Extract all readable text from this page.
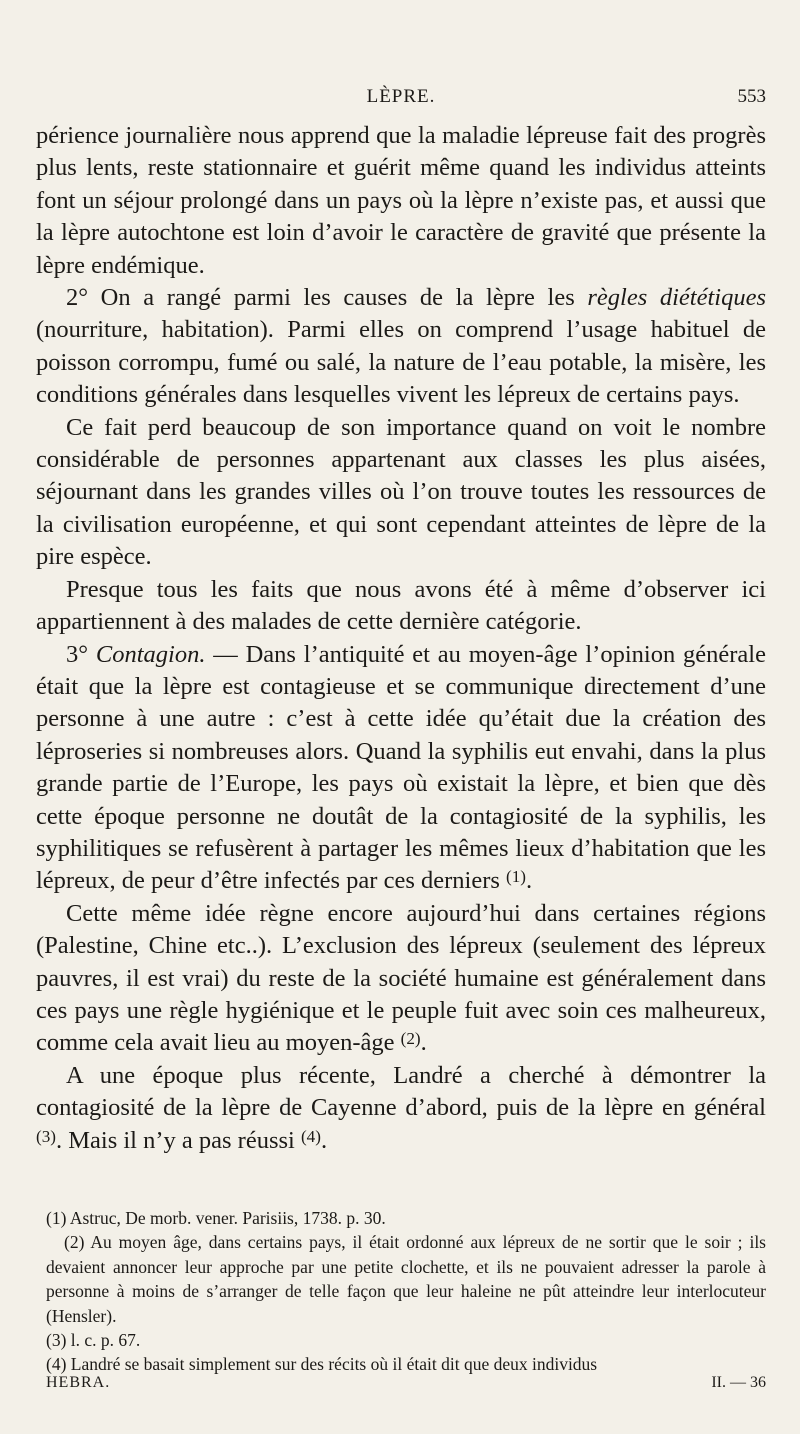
LÈPRE.	553

périence journalière nous apprend que la maladie lépreuse fait des progrès plus lents, reste stationnaire et guérit même quand les individus atteints font un séjour prolongé dans un pays où la lèpre n’existe pas, et aussi que la lèpre autochtone est loin d’avoir le caractère de gravité que présente la lèpre endémique.

2° On a rangé parmi les causes de la lèpre les règles diététiques (nourriture, habitation). Parmi elles on comprend l’usage habituel de poisson corrompu, fumé ou salé, la nature de l’eau potable, la misère, les conditions générales dans lesquelles vivent les lépreux de certains pays.

Ce fait perd beaucoup de son importance quand on voit le nombre considérable de personnes appartenant aux classes les plus aisées, séjournant dans les grandes villes où l’on trouve toutes les ressources de la civilisation européenne, et qui sont cependant atteintes de lèpre de la pire espèce.

Presque tous les faits que nous avons été à même d’observer ici appartiennent à des malades de cette dernière catégorie.

3° Contagion. — Dans l’antiquité et au moyen-âge l’opinion générale était que la lèpre est contagieuse et se communique directement d’une personne à une autre : c’est à cette idée qu’était due la création des léproseries si nombreuses alors. Quand la syphilis eut envahi, dans la plus grande partie de l’Europe, les pays où existait la lèpre, et bien que dès cette époque personne ne doutât de la contagiosité de la syphilis, les syphilitiques se refusèrent à partager les mêmes lieux d’habitation que les lépreux, de peur d’être infectés par ces derniers $^{(1)}$.

Cette même idée règne encore aujourd’hui dans certaines régions (Palestine, Chine etc..). L’exclusion des lépreux (seulement des lépreux pauvres, il est vrai) du reste de la société humaine est généralement dans ces pays une règle hygiénique et le peuple fuit avec soin ces malheureux, comme cela avait lieu au moyen-âge $^{(2)}$.

A une époque plus récente, Landré a cherché à démontrer la contagiosité de la lèpre de Cayenne d’abord, puis de la lèpre en général $^{(3)}$. Mais il n’y a pas réussi $^{(4)}$.

(1) Astruc, De morb. vener. Parisiis, 1738. p. 30.

(2) Au moyen âge, dans certains pays, il était ordonné aux lépreux de ne sortir que le soir ; ils devaient annoncer leur approche par une petite clochette, et ils ne pouvaient adresser la parole à personne à moins de s’arranger de telle façon que leur haleine ne pût atteindre leur interlocuteur (Hensler).

(3) l. c. p. 67.

(4) Landré se basait simplement sur des récits où il était dit que deux individus

HEBRA.	II. — 36
